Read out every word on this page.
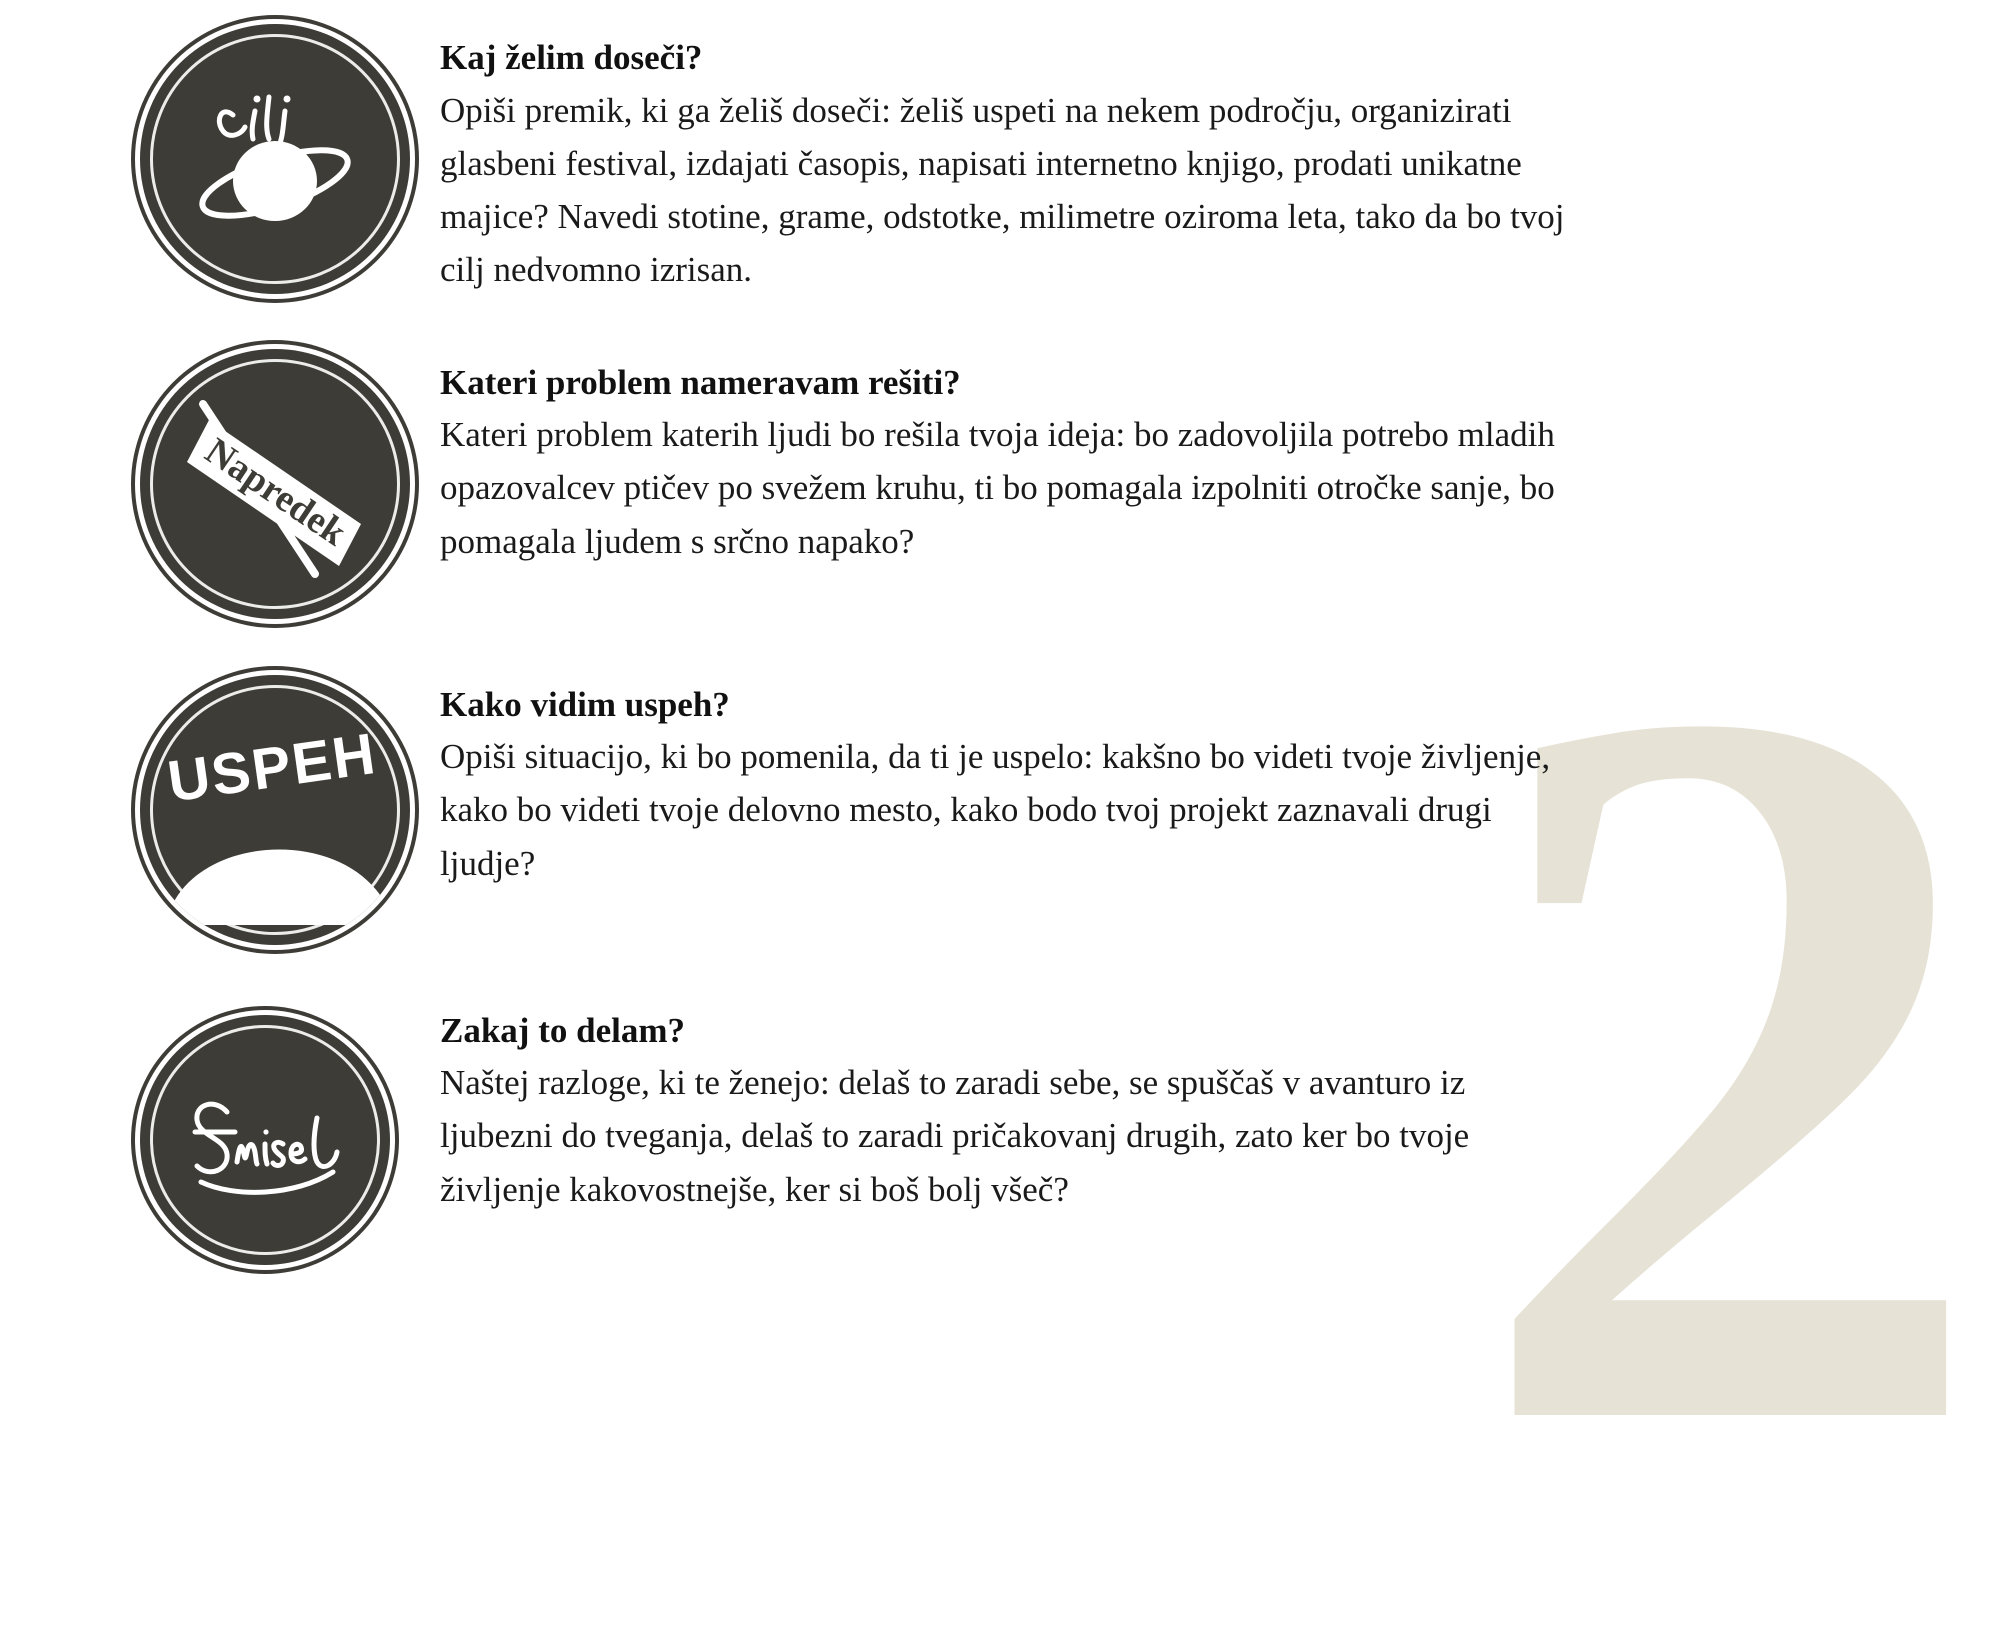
2

Kaj želim doseči?

Opiši premik, ki ga želiš doseči: želiš uspeti na nekem področju, organizirati glasbeni festival, izdajati časopis, napisati internetno knjigo, prodati unikatne majice? Navedi stotine, grame, odstotke, milimetre oziroma leta, tako da bo tvoj cilj nedvomno izrisan.

Napredek

Kateri problem nameravam rešiti?

Kateri problem katerih ljudi bo rešila tvoja ideja: bo zadovoljila potrebo mladih opazovalcev ptičev po svežem kruhu, ti bo pomagala izpolniti otročke sanje, bo pomagala ljudem s srčno napako?

USPEH

Kako vidim uspeh?

Opiši situacijo, ki bo pomenila, da ti je uspelo: kakšno bo videti tvoje življenje, kako bo videti tvoje delovno mesto, kako bodo tvoj projekt zaznavali drugi ljudje?

Zakaj to delam?

Naštej razloge, ki te ženejo: delaš to zaradi sebe, se spuščaš v avanturo iz ljubezni do tveganja, delaš to zaradi pričakovanj drugih, zato ker bo tvoje življenje kakovostnejše, ker si boš bolj všeč?
